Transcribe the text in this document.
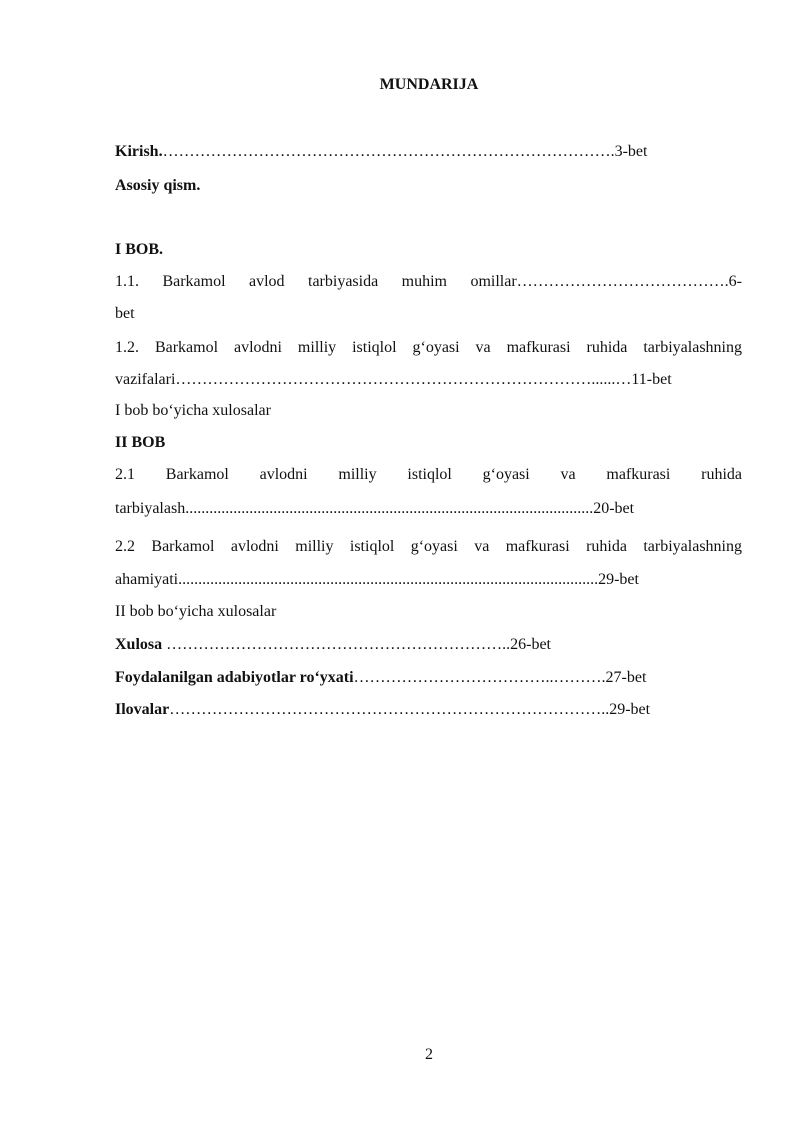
MUNDARIJA
Kirish.………………………………………………………………………….3-bet
Asosiy qism.
I BOB.
1.1. Barkamol avlod tarbiyasida muhim omillar………………………………….6-
bet
1.2. Barkamol avlodni milliy istiqlol g‘oyasi va mafkurasi ruhida tarbiyalashning
vazifalari……………………………………………………………………......…11-bet
I bob bo‘yicha xulosalar
II BOB
2.1 Barkamol avlodni milliy istiqlol g‘oyasi va mafkurasi ruhida
tarbiyalash......................................................................................................20-bet
2.2 Barkamol avlodni milliy istiqlol g‘oyasi va mafkurasi ruhida tarbiyalashning
ahamiyati.........................................................................................................29-bet
II bob bo‘yicha xulosalar
Xulosa ………………………………………………………..26-bet
Foydalanilgan adabiyotlar ro‘yxati………………………………..……….27-bet
Ilovalar………………………………………………………………………..29-bet
2
